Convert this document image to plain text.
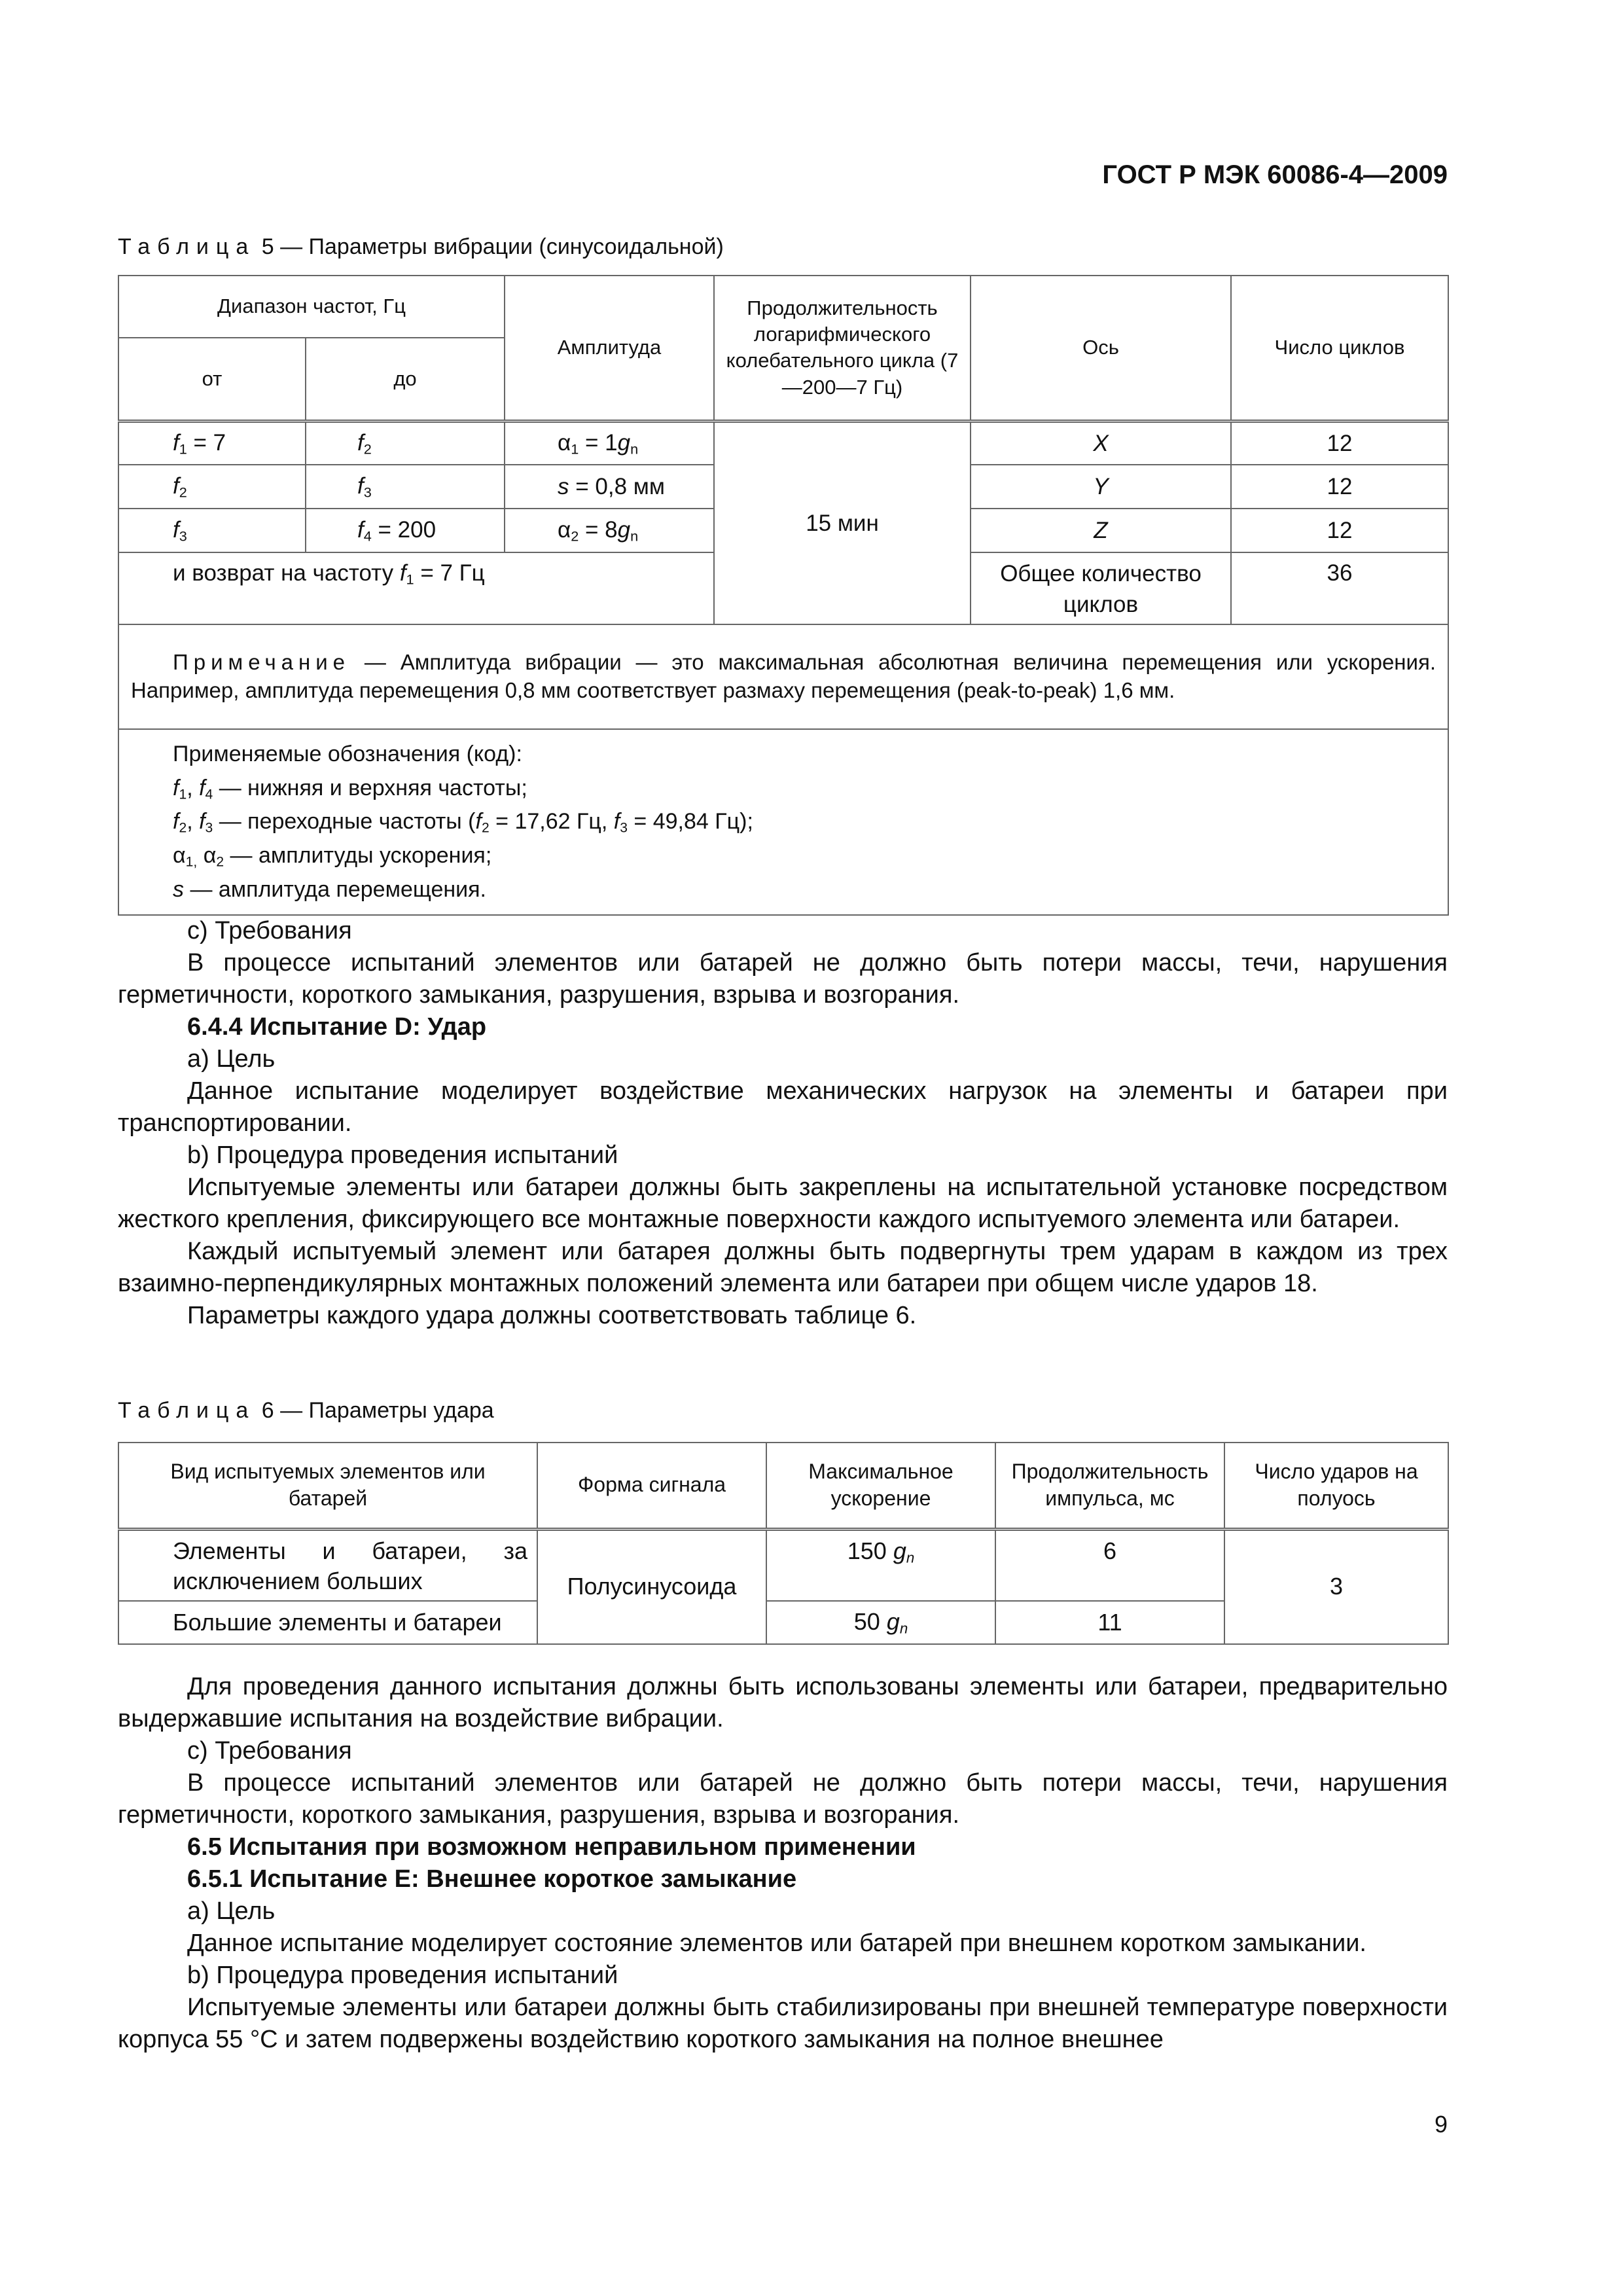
ГОСТ Р МЭК 60086-4—2009
Таблица 5 — Параметры вибрации (синусоидальной)
Диапазон частот, Гц		Амплитуда	Продолжительность логарифмического колебательного цикла (7—200—7 Гц)	Ось	Число циклов
от	до				
$f_1 = 7$	$f_2$	$\alpha_1 = 1g_n$	15 мин	X	12
$f_2$	$f_3$	s = 0,8 мм		Y	12
$f_3$	$f_4 = 200$	$\alpha_2 = 8g_n$		Z	12
и возврат на частоту $f_1 = 7$ Гц				Общее количество циклов	36
Примечание — Амплитуда вибрации — это максимальная абсолютная величина перемещения или ускорения. Например, амплитуда перемещения 0,8 мм соответствует размаху перемещения (peak-to-peak) 1,6 мм.					

Применяемые обозначения (код):
$f_1$, $f_4$ — нижняя и верхняя частоты;
$f_2$, $f_3$ — переходные частоты ($f_2 = 17,62$ Гц, $f_3 = 49,84$ Гц);
$\alpha_{1,}$ $\alpha_2$ — амплитуды ускорения;
s — амплитуда перемещения.					

c) Требования

В процессе испытаний элементов или батарей не должно быть потери массы, течи, нарушения герметичности, короткого замыкания, разрушения, взрыва и возгорания.

6.4.4 Испытание D: Удар

a) Цель

Данное испытание моделирует воздействие механических нагрузок на элементы и батареи при транспортировании.

b) Процедура проведения испытаний

Испытуемые элементы или батареи должны быть закреплены на испытательной установке посредством жесткого крепления, фиксирующего все монтажные поверхности каждого испытуемого элемента или батареи.

Каждый испытуемый элемент или батарея должны быть подвергнуты трем ударам в каждом из трех взаимно-перпендикулярных монтажных положений элемента или батареи при общем числе ударов 18.

Параметры каждого удара должны соответствовать таблице 6.

Таблица 6 — Параметры удара
Вид испытуемых элементов или батарей	Форма сигнала	Максимальное ускорение	Продолжительность импульса, мс	Число ударов на полуось
Элементы и батареи, за исключением больших	Полусинусоида	150 $g_n$	6	3
Большие элементы и батареи		50 $g_n$	11	

Для проведения данного испытания должны быть использованы элементы или батареи, предварительно выдержавшие испытания на воздействие вибрации.

c) Требования

В процессе испытаний элементов или батарей не должно быть потери массы, течи, нарушения герметичности, короткого замыкания, разрушения, взрыва и возгорания.

6.5 Испытания при возможном неправильном применении

6.5.1 Испытание E: Внешнее короткое замыкание

a) Цель

Данное испытание моделирует состояние элементов или батарей при внешнем коротком замыкании.

b) Процедура проведения испытаний

Испытуемые элементы или батареи должны быть стабилизированы при внешней температуре поверхности корпуса 55 °С и затем подвержены воздействию короткого замыкания на полное внешнее

9
